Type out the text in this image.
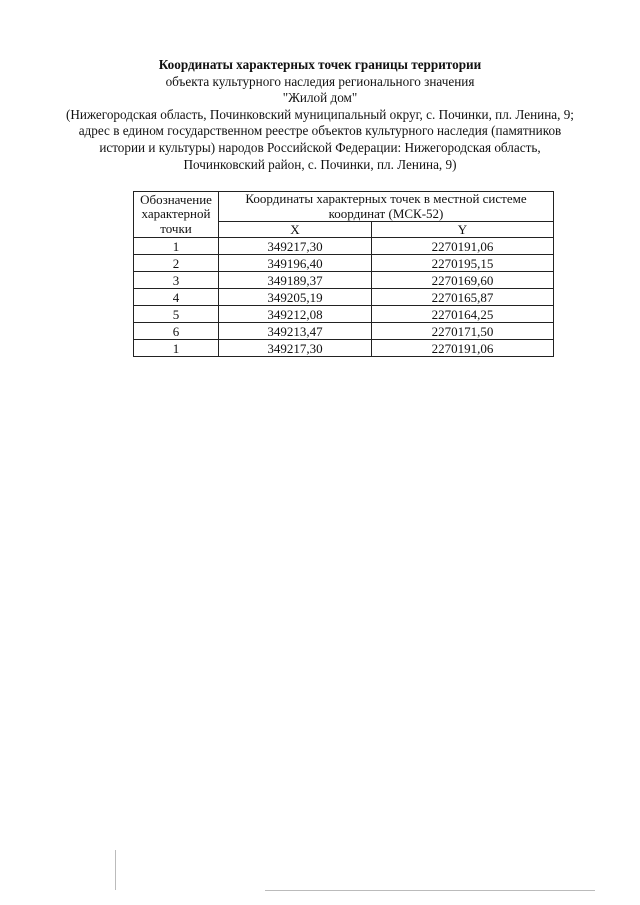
Координаты характерных точек границы территории
объекта культурного наследия регионального значения
"Жилой дом"
(Нижегородская область, Починковский муниципальный округ, с. Починки, пл. Ленина, 9;
адрес в едином государственном реестре объектов культурного наследия (памятников
истории и культуры) народов Российской Федерации: Нижегородская область,
Починковский район, с. Починки, пл. Ленина, 9)
Обозначение характерной точки	Координаты характерных точек в местной системе координат (МСК-52)	
	X	Y
1	349217,30	2270191,06
2	349196,40	2270195,15
3	349189,37	2270169,60
4	349205,19	2270165,87
5	349212,08	2270164,25
6	349213,47	2270171,50
1	349217,30	2270191,06
